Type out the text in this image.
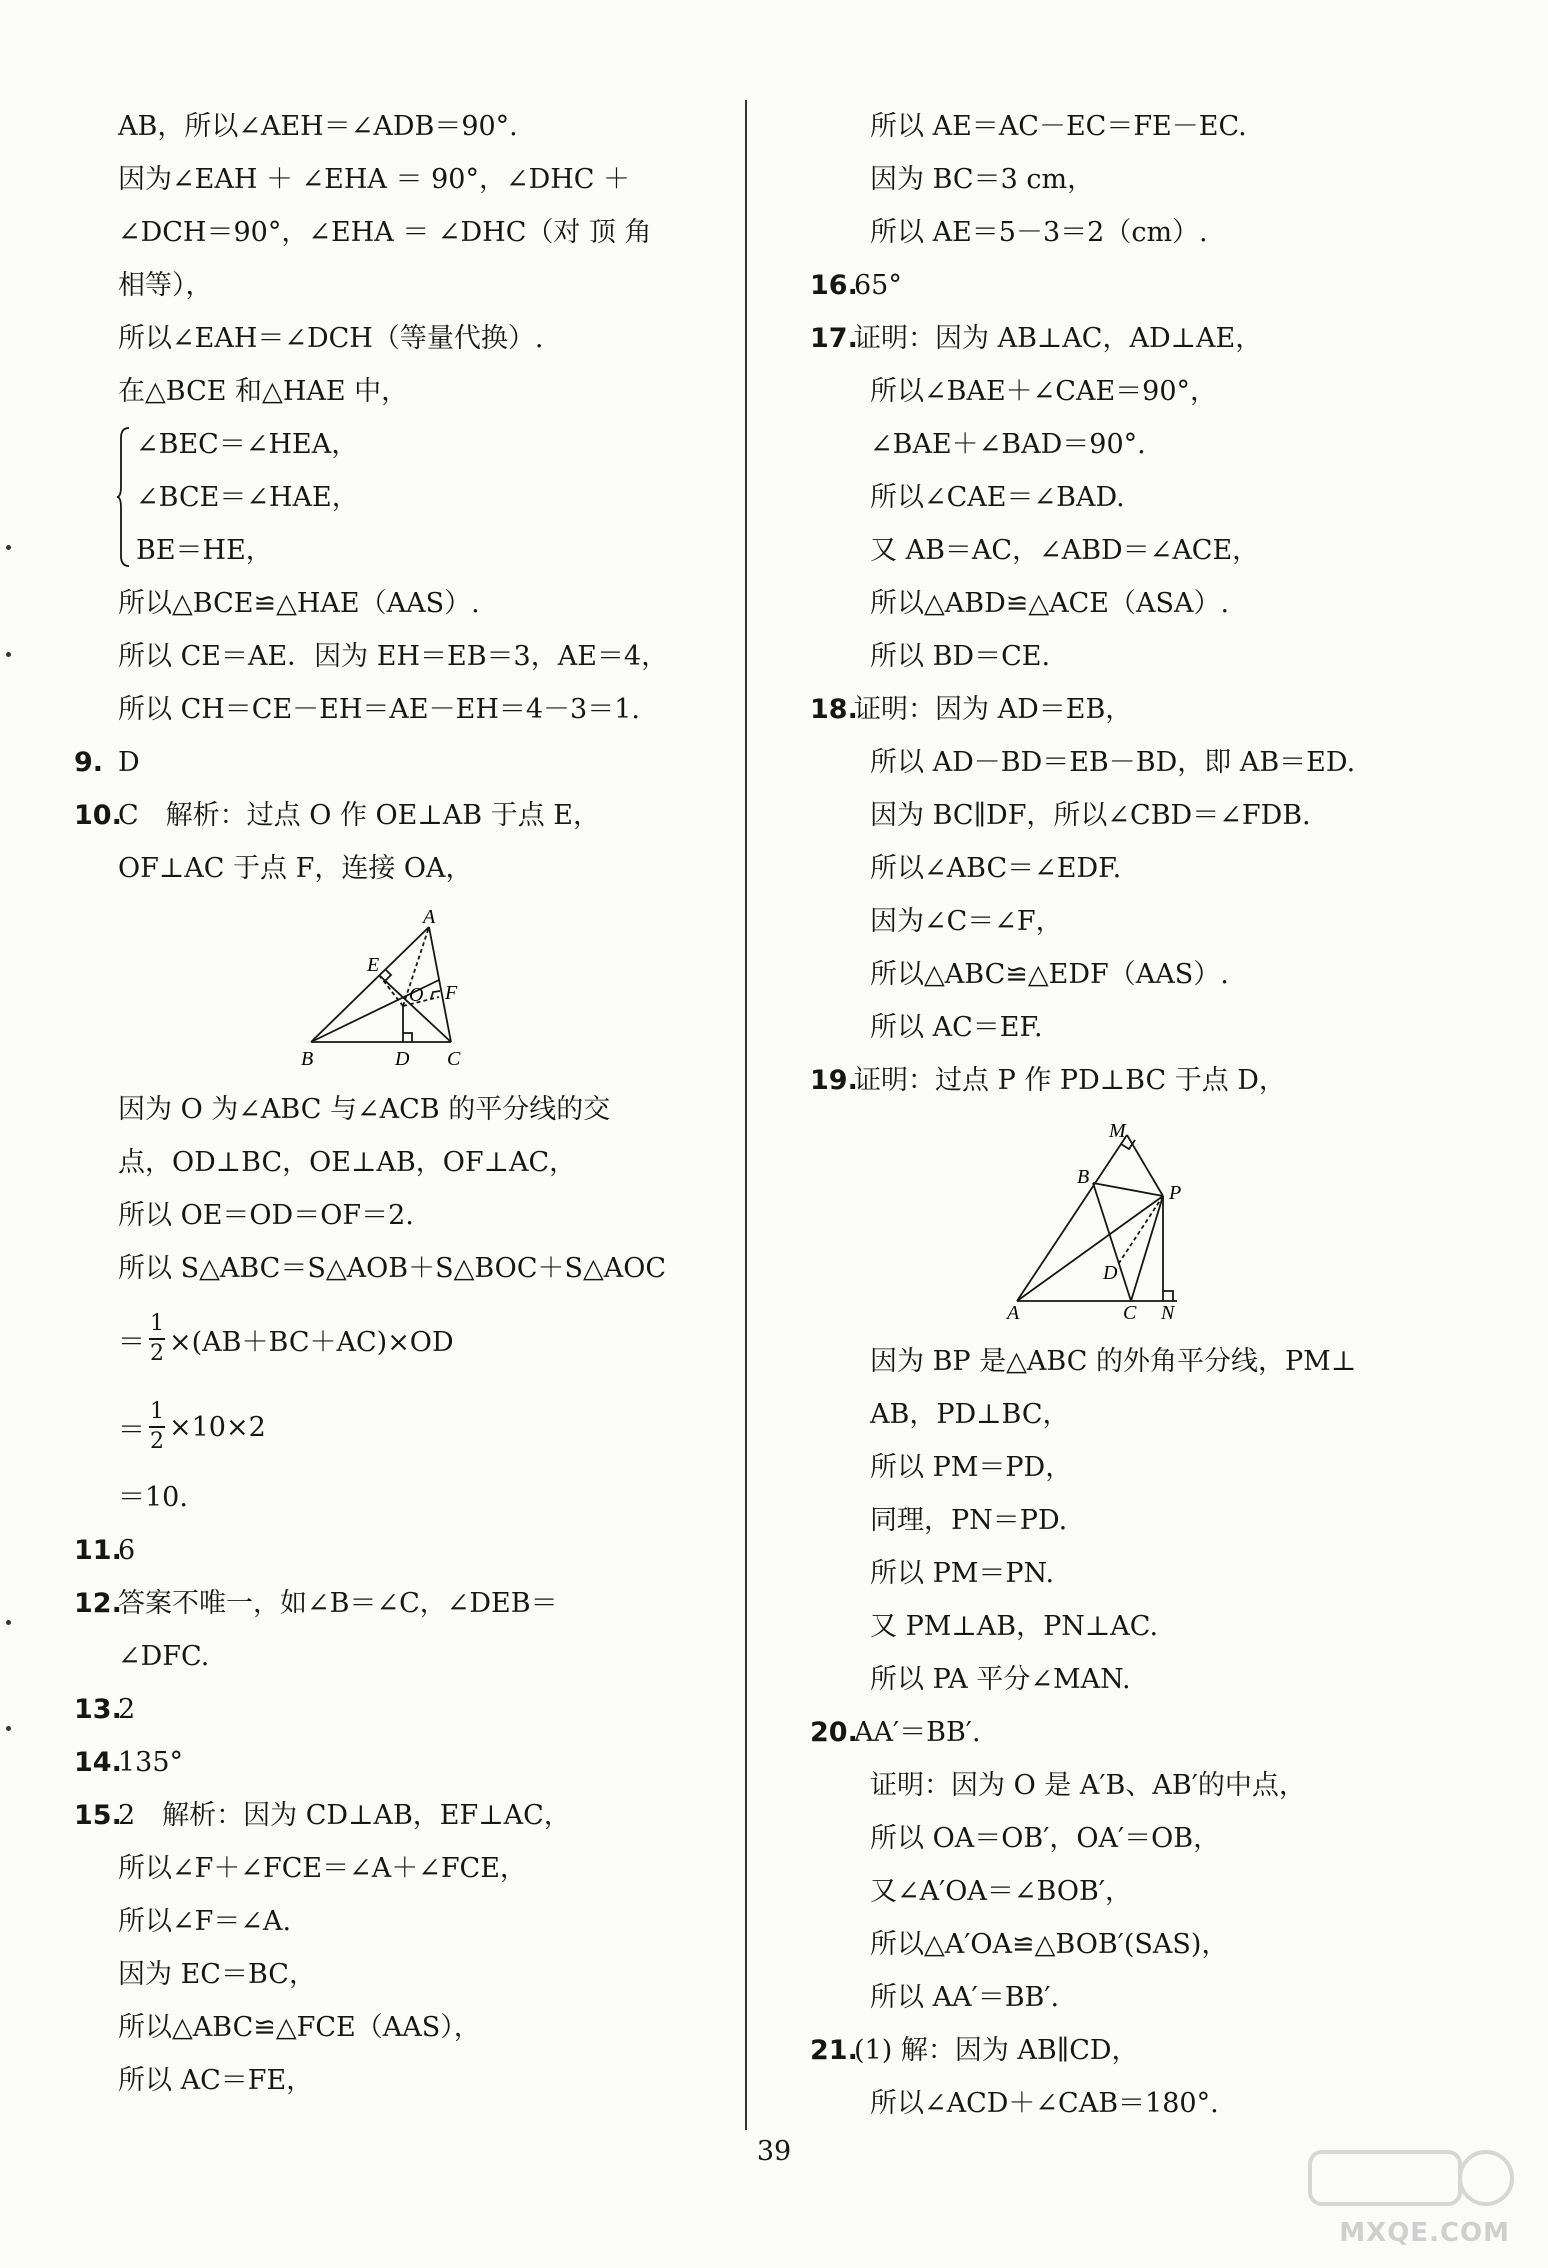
AB，所以∠AEH＝∠ADB＝90°.
因为∠EAH ＋ ∠EHA ＝ 90°，∠DHC ＋
∠DCH＝90°，∠EHA ＝ ∠DHC（对 顶 角
相等），
所以∠EAH＝∠DCH（等量代换）.
在△BCE 和△HAE 中，
∠BEC＝∠HEA，
∠BCE＝∠HAE，
BE＝HE，
所以△BCE≌△HAE（AAS）.
所以 CE＝AE．因为 EH＝EB＝3，AE＝4，
所以 CH＝CE－EH＝AE－EH＝4－3＝1.
9. D
10.C　解析：过点 O 作 OE⊥AB 于点 E，
OF⊥AC 于点 F，连接 OA，
A
B	C
D
E
F
O
因为 O 为∠ABC 与∠ACB 的平分线的交
点，OD⊥BC，OE⊥AB，OF⊥AC，
所以 OE＝OD＝OF＝2.
所以 S△ABC＝S△AOB＋S△BOC＋S△AOC
＝ $\frac{1}{2} \times(AB+BC+AC)\times OD$
＝ $\frac{1}{2} \times 10\times 2$
＝10.
11.6
12.答案不唯一，如∠B＝∠C，∠DEB＝
∠DFC.
13.2
14.135°
15.2　解析：因为 CD⊥AB，EF⊥AC，
所以∠F＋∠FCE＝∠A＋∠FCE，
所以∠F＝∠A.
因为 EC＝BC，
所以△ABC≌△FCE（AAS），
所以 AC＝FE，
所以 AE＝AC－EC＝FE－EC.
因为 BC＝3 cm，
所以 AE＝5－3＝2（cm）.
16.65°
17.证明：因为 AB⊥AC，AD⊥AE，
所以∠BAE＋∠CAE＝90°，
∠BAE＋∠BAD＝90°.
所以∠CAE＝∠BAD.
又 AB＝AC，∠ABD＝∠ACE，
所以△ABD≌△ACE（ASA）.
所以 BD＝CE.
18.证明：因为 AD＝EB，
所以 AD－BD＝EB－BD，即 AB＝ED.
因为 BC∥DF，所以∠CBD＝∠FDB.
所以∠ABC＝∠EDF.
因为∠C＝∠F，
所以△ABC≌△EDF（AAS）.
所以 AC＝EF.
19.证明：过点 P 作 PD⊥BC 于点 D，
M
B
P
D
A	C N
因为 BP 是△ABC 的外角平分线，PM⊥
AB，PD⊥BC，
所以 PM＝PD，
同理，PN＝PD.
所以 PM＝PN.
又 PM⊥AB，PN⊥AC.
所以 PA 平分∠MAN.
20.AA′＝BB′.
证明：因为 O 是 A′B、AB′的中点，
所以 OA＝OB′，OA′＝OB，
又∠A′OA＝∠BOB′，
所以△A′OA≌△BOB′(SAS)，
所以 AA′＝BB′.
21.(1) 解：因为 AB∥CD，
所以∠ACD＋∠CAB＝180°.
39
MXQE.COM
